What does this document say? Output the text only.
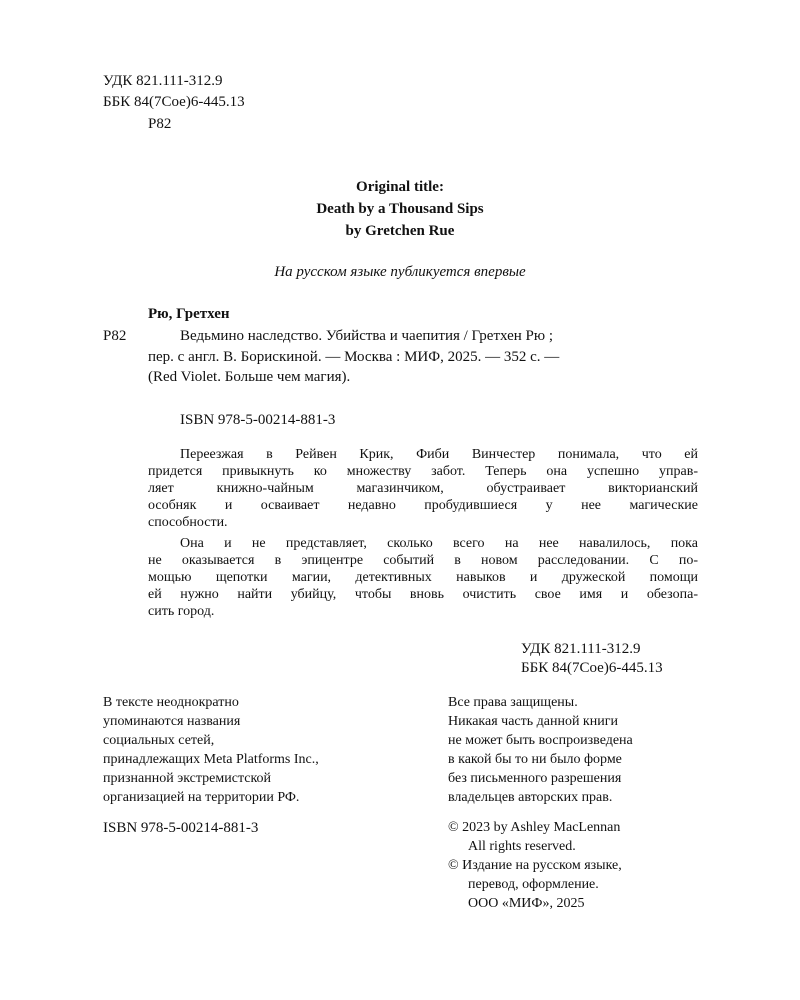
УДК 821.111-312.9
ББК 84(7Сое)6-445.13
Р82
Original title:
Death by a Thousand Sips
by Gretchen Rue
На русском языке публикуется впервые
Рю, Гретхен
Р82	Ведьмино наследство. Убийства и чаепития / Гретхен Рю ;
пер. с англ. В. Борискиной. — Москва : МИФ, 2025. — 352 с. —
(Red Violet. Больше чем магия).
ISBN 978-5-00214-881-3
Переезжая в Рейвен Крик, Фиби Винчестер понимала, что ей
придется привыкнуть ко множеству забот. Теперь она успешно управ-
ляет книжно-чайным магазинчиком, обустраивает викторианский
особняк и осваивает недавно пробудившиеся у нее магические
способности.
Она и не представляет, сколько всего на нее навалилось, пока
не оказывается в эпицентре событий в новом расследовании. С по-
мощью щепотки магии, детективных навыков и дружеской помощи
ей нужно найти убийцу, чтобы вновь очистить свое имя и обезопа-
сить город.
УДК 821.111-312.9
ББК 84(7Сое)6-445.13
В тексте неоднократно
упоминаются названия
социальных сетей,
принадлежащих Meta Platforms Inc.,
признанной экстремистской
организацией на территории РФ.
Все права защищены.
Никакая часть данной книги
не может быть воспроизведена
в какой бы то ни было форме
без письменного разрешения
владельцев авторских прав.
ISBN 978-5-00214-881-3	© 2023 by Ashley MacLennan
All rights reserved.
© Издание на русском языке,
перевод, оформление.
ООО «МИФ», 2025
